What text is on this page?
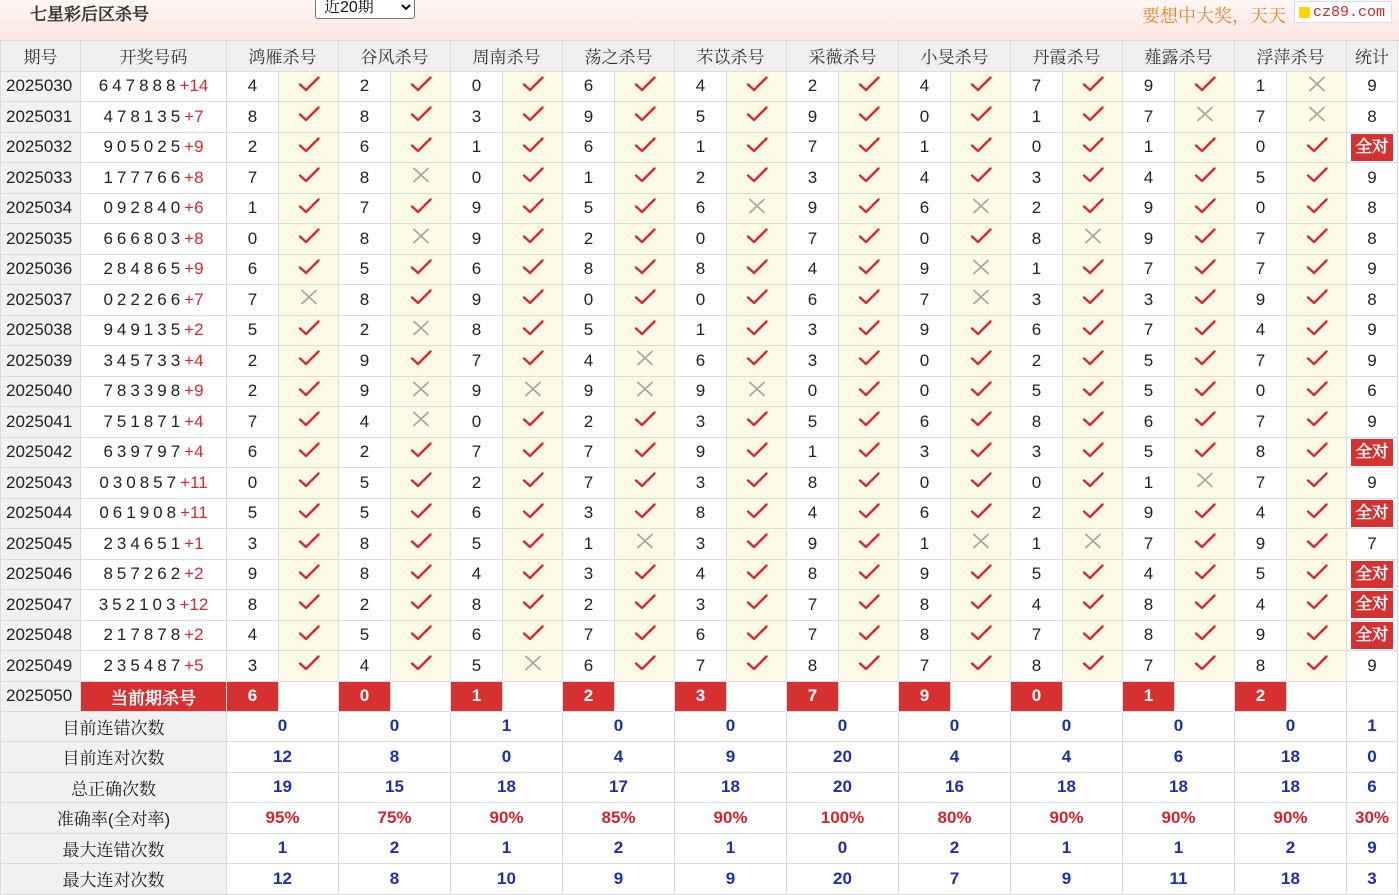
七星彩后区杀号
近20期	要想中大奖，天天	cz89.com
期号	开奖号码	鸿雁杀号		谷风杀号		周南杀号		荡之杀号		芣苡杀号		采薇杀号		小旻杀号		丹霞杀号		薤露杀号		浮萍杀号		统计
2025030	647888+14	4		2		0		6		4		2		4		7		9		1		9
2025031	478135+7	8		8		3		9		5		9		0		1		7		7		8
2025032	905025+9	2		6		1		6		1		7		1		0		1		0		全对
2025033	177766+8	7		8		0		1		2		3		4		3		4		5		9
2025034	092840+6	1		7		9		5		6		9		6		2		9		0		8
2025035	666803+8	0		8		9		2		0		7		0		8		9		7		8
2025036	284865+9	6		5		6		8		8		4		9		1		7		7		9
2025037	022266+7	7		8		9		0		0		6		7		3		3		9		8
2025038	949135+2	5		2		8		5		1		3		9		6		7		4		9
2025039	345733+4	2		9		7		4		6		3		0		2		5		7		9
2025040	783398+9	2		9		9		9		9		0		0		5		5		0		6
2025041	751871+4	7		4		0		2		3		5		6		8		6		7		9
2025042	639797+4	6		2		7		7		9		1		3		3		5		8		全对
2025043	030857+11	0		5		2		7		3		8		0		0		1		7		9
2025044	061908+11	5		5		6		3		8		4		6		2		9		4		全对
2025045	234651+1	3		8		5		1		3		9		1		1		7		9		7
2025046	857262+2	9		8		4		3		4		8		9		5		4		5		全对
2025047	352103+12	8		2		8		2		3		7		8		4		8		4		全对
2025048	217878+2	4		5		6		7		6		7		8		7		8		9		全对
2025049	235487+5	3		4		5		6		7		8		7		8		7		8		9
2025050	当前期杀号	6		0		1		2		3		7		9		0		1		2		
目前连错次数		0		0		1		0		0		0		0		0		0		0		1
目前连对次数		12		8		0		4		9		20		4		4		6		18		0
总正确次数		19		15		18		17		18		20		16		18		18		18		6
准确率(全对率)		95%		75%		90%		85%		90%		100%		80%		90%		90%		90%		30%
最大连错次数		1		2		1		2		1		0		2		1		1		2		9
最大连对次数		12		8		10		9		9		20		7		9		11		18		3
